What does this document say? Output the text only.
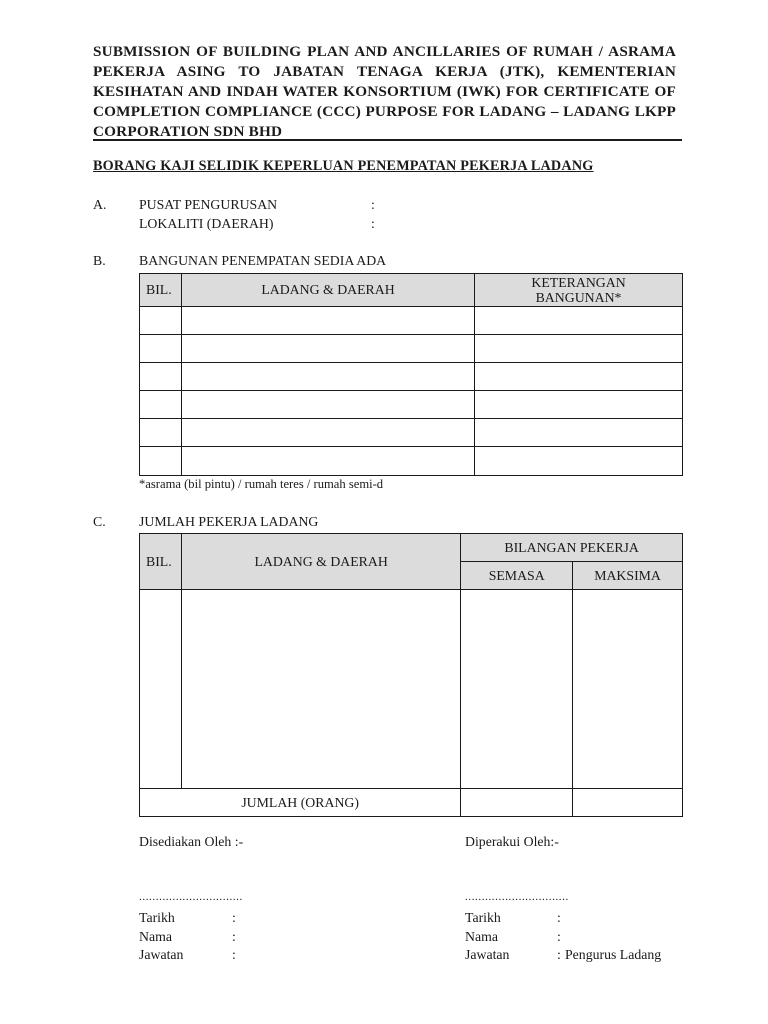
SUBMISSION OF BUILDING PLAN AND ANCILLARIES OF RUMAH / ASRAMA PEKERJA ASING TO JABATAN TENAGA KERJA (JTK), KEMENTERIAN KESIHATAN AND INDAH WATER KONSORTIUM (IWK) FOR CERTIFICATE OF COMPLETION COMPLIANCE (CCC) PURPOSE FOR LADANG – LADANG LKPP CORPORATION SDN BHD
BORANG KAJI SELIDIK KEPERLUAN PENEMPATAN PEKERJA LADANG
A. PUSAT PENGURUSAN	:
LOKALITI (DAERAH)	:
B. BANGUNAN PENEMPATAN SEDIA ADA
BIL.	LADANG & DAERAH	KETERANGAN BANGUNAN*

*asrama (bil pintu) / rumah teres / rumah semi-d
C. JUMLAH PEKERJA LADANG
BIL.	LADANG & DAERAH	BILANGAN PEKERJA	
		SEMASA	MAKSIMA

JUMLAH (ORANG)			
Disediakan Oleh :-
...............................
Tarikh	:
Nama	:
Jawatan	:
Diperakui Oleh:-
...............................
Tarikh	:
Nama	:
Jawatan	: Pengurus Ladang
